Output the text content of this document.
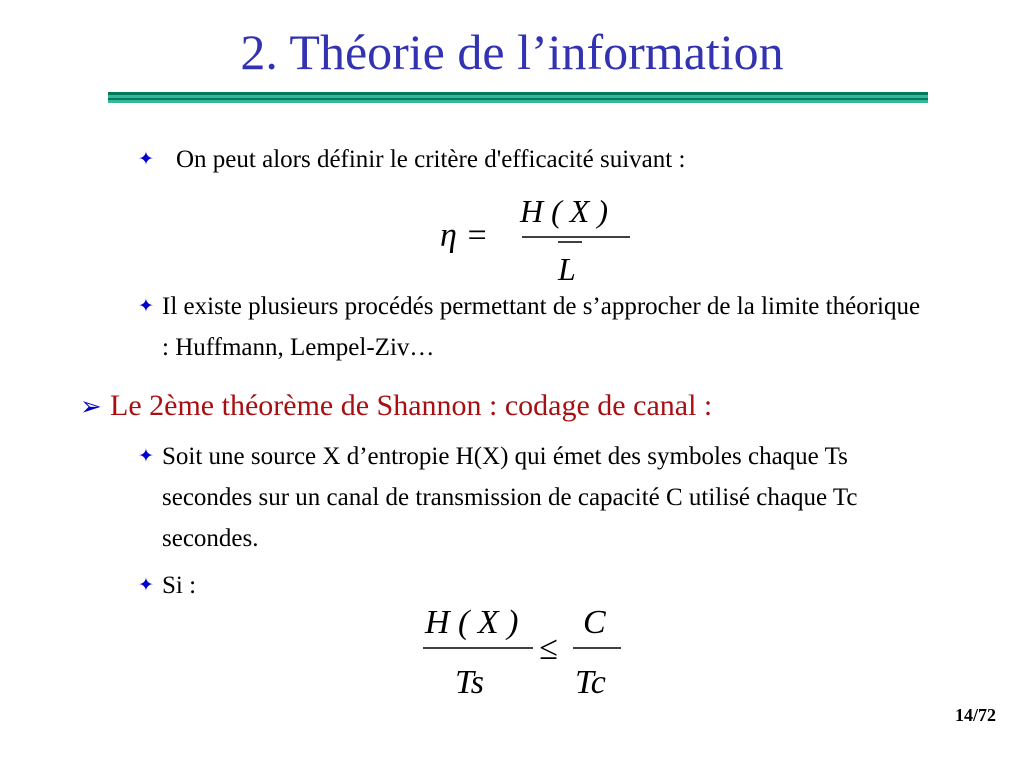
2. Théorie de l’information
✦ On peut alors définir le critère d'efficacité suivant :
η =
H ( X )
L
✦ Il existe plusieurs procédés permettant de s’approcher de la limite théorique : Huffmann, Lempel-Ziv…
➢ Le 2ème théorème de Shannon : codage de canal :
✦ Soit une source X d’entropie H(X) qui émet des symboles chaque Ts secondes sur un canal de transmission de capacité C utilisé chaque Tc secondes.
✦ Si :
H ( X )
Ts
≤
C
Tc
14/72
